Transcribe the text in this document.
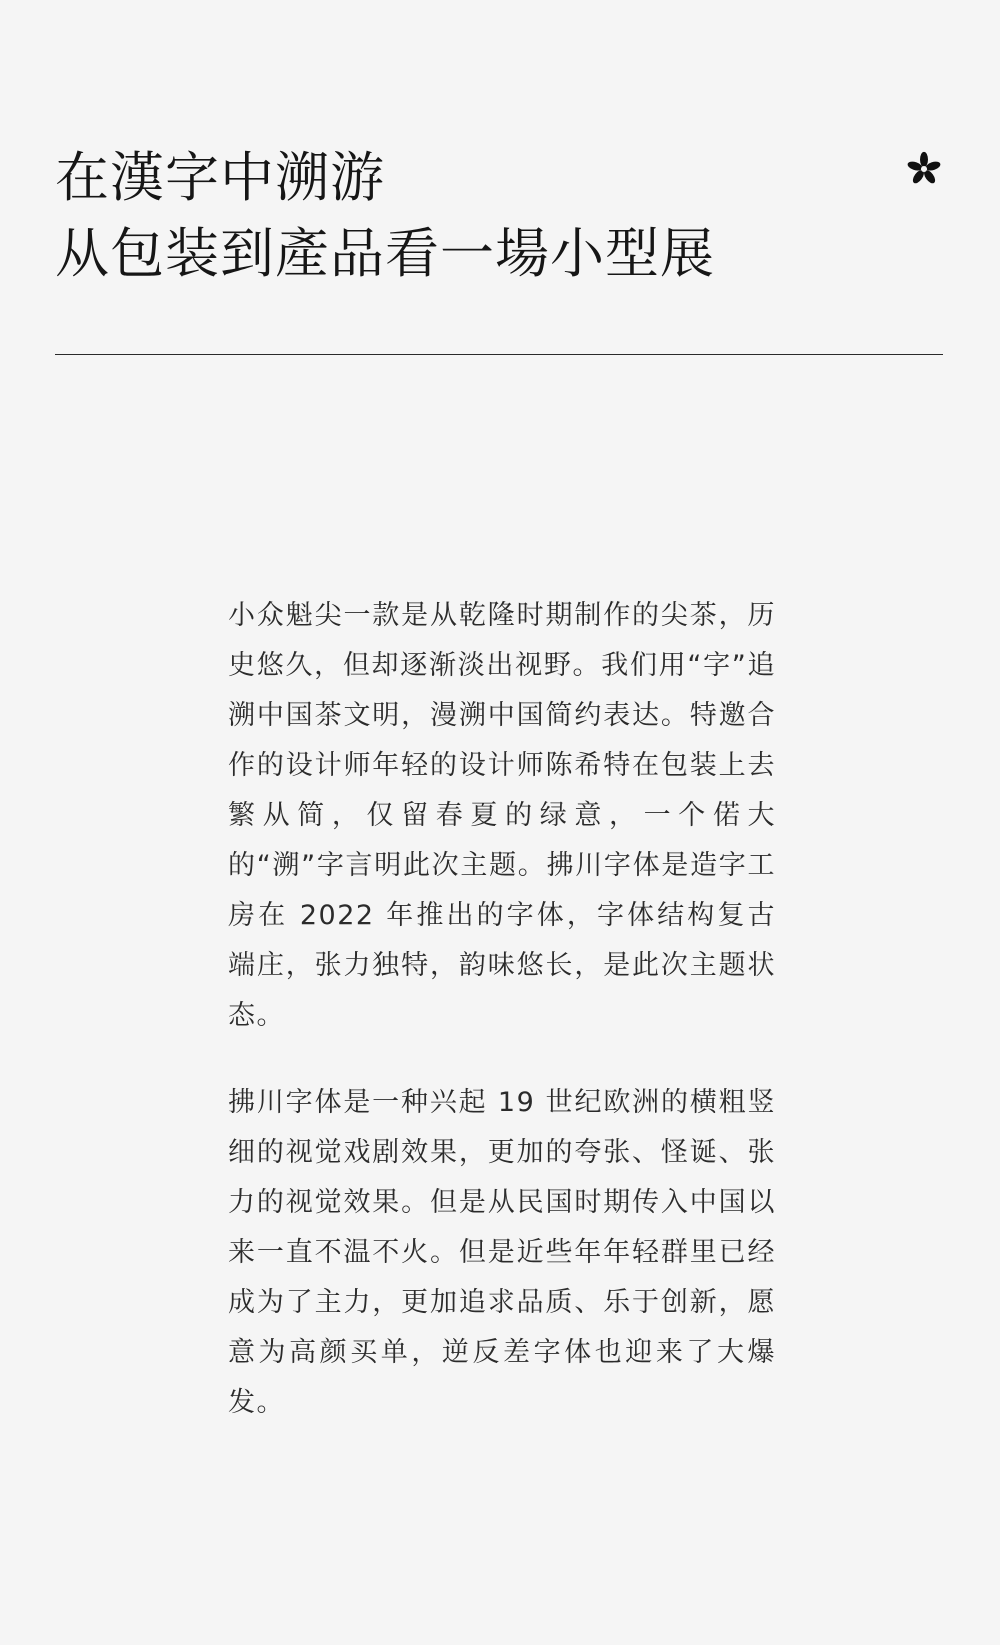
在漢字中溯游
从包装到產品看一場小型展

小众魁尖一款是从乾隆时期制作的尖茶，历史悠久，但却逐渐淡出视野。我们用“字”追溯中国茶文明，漫溯中国简约表达。特邀合作的设计师年轻的设计师陈希特在包装上去繁从简，仅留春夏的绿意，一个偌大的“溯”字言明此次主题。拂川字体是造字工房在 2022 年推出的字体，字体结构复古端庄，张力独特，韵味悠长，是此次主题状态。

拂川字体是一种兴起 19 世纪欧洲的横粗竖细的视觉戏剧效果，更加的夸张、怪诞、张力的视觉效果。但是从民国时期传入中国以来一直不温不火。但是近些年年轻群里已经成为了主力，更加追求品质、乐于创新，愿意为高颜买单，逆反差字体也迎来了大爆发。
